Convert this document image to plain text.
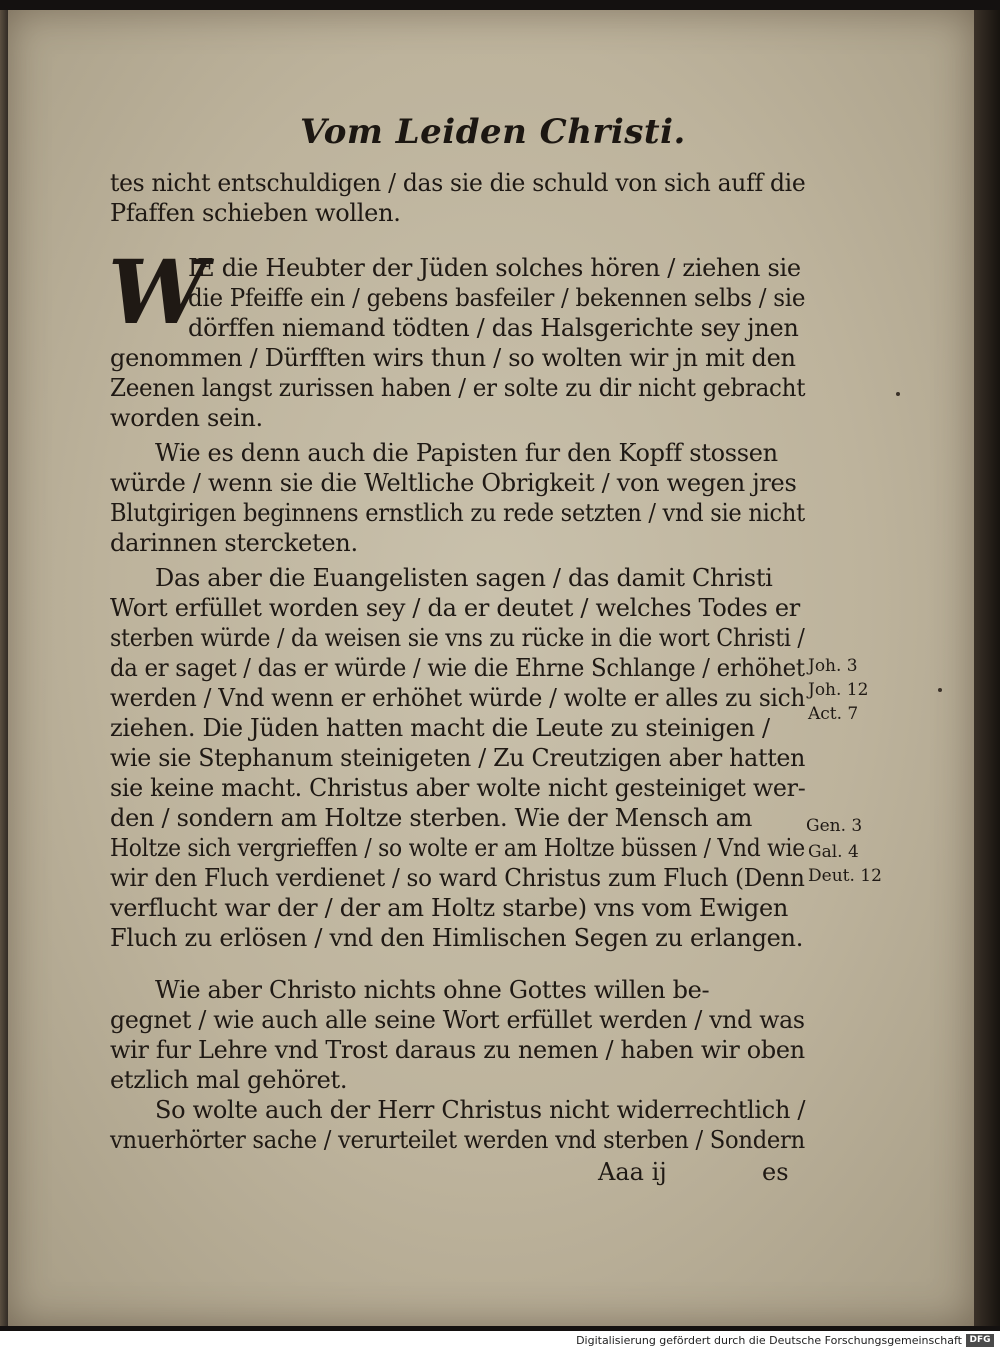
Vom Leiden Christi.
W
tes nicht entschuldigen / das sie die schuld von sich auff die
Pfaffen schieben wollen.
IE die Heubter der Jüden solches hören / ziehen sie
die Pfeiffe ein / gebens basfeiler / bekennen selbs / sie
dörffen niemand tödten / das Halsgerichte sey jnen
genommen / Dürfften wirs thun / so wolten wir jn mit den
Zeenen langst zurissen haben / er solte zu dir nicht gebracht
worden sein.
Wie es denn auch die Papisten fur den Kopff stossen
würde / wenn sie die Weltliche Obrigkeit / von wegen jres
Blutgirigen beginnens ernstlich zu rede setzten / vnd sie nicht
darinnen stercketen.
Das aber die Euangelisten sagen / das damit Christi
Wort erfüllet worden sey / da er deutet / welches Todes er
sterben würde / da weisen sie vns zu rücke in die wort Christi /
da er saget / das er würde / wie die Ehrne Schlange / erhöhet
werden / Vnd wenn er erhöhet würde / wolte er alles zu sich
ziehen. Die Jüden hatten macht die Leute zu steinigen /
wie sie Stephanum steinigeten / Zu Creutzigen aber hatten
sie keine macht. Christus aber wolte nicht gesteiniget wer-
den / sondern am Holtze sterben. Wie der Mensch am
Holtze sich vergrieffen / so wolte er am Holtze büssen / Vnd wie
wir den Fluch verdienet / so ward Christus zum Fluch (Denn
verflucht war der / der am Holtz starbe) vns vom Ewigen
Fluch zu erlösen / vnd den Himlischen Segen zu erlangen.
Wie aber Christo nichts ohne Gottes willen be-
gegnet / wie auch alle seine Wort erfüllet werden / vnd was
wir fur Lehre vnd Trost daraus zu nemen / haben wir oben
etzlich mal gehöret.
So wolte auch der Herr Christus nicht widerrechtlich /
vnuerhörter sache / verurteilet werden vnd sterben / Sondern
Joh. 3
Joh. 12
Act. 7
Gen. 3
Gal. 4
Deut. 12
Aaa ij	es
Digitalisierung gefördert durch die Deutsche Forschungsgemeinschaft DFG
